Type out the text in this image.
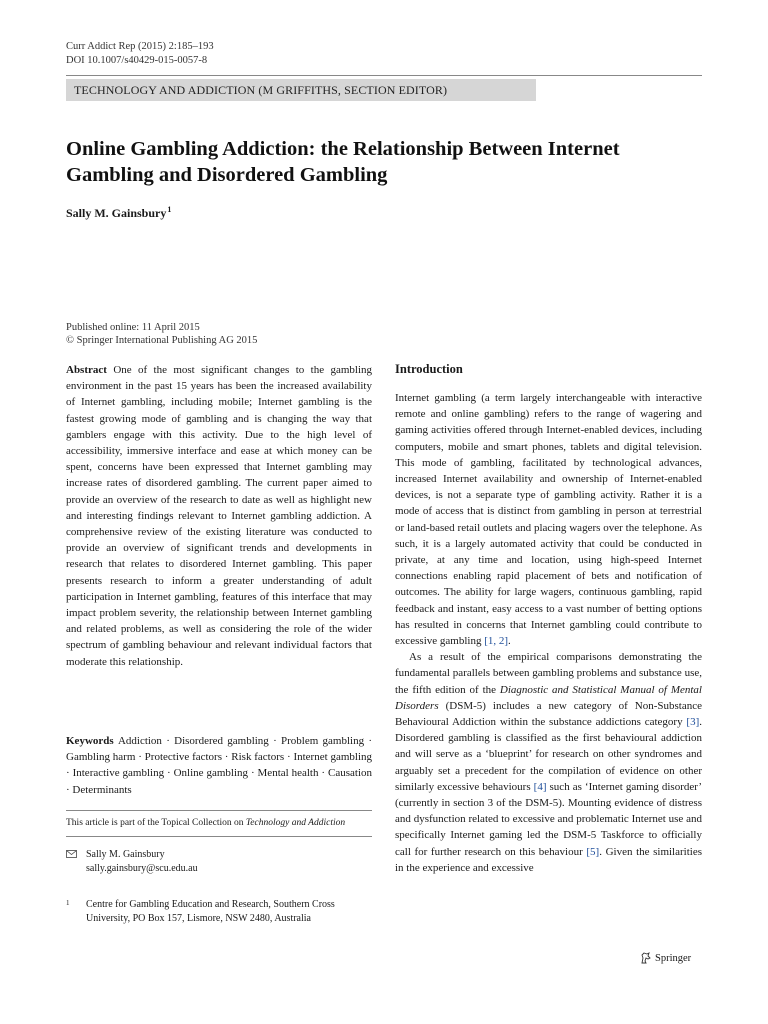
Curr Addict Rep (2015) 2:185–193
DOI 10.1007/s40429-015-0057-8
TECHNOLOGY AND ADDICTION (M GRIFFITHS, SECTION EDITOR)
Online Gambling Addiction: the Relationship Between Internet Gambling and Disordered Gambling
Sally M. Gainsbury$^1$
Published online: 11 April 2015
© Springer International Publishing AG 2015
Abstract One of the most significant changes to the gambling environment in the past 15 years has been the increased availability of Internet gambling, including mobile; Internet gambling is the fastest growing mode of gambling and is changing the way that gamblers engage with this activity. Due to the high level of accessibility, immersive interface and ease at which money can be spent, concerns have been expressed that Internet gambling may increase rates of disordered gambling. The current paper aimed to provide an overview of the research to date as well as highlight new and interesting findings relevant to Internet gambling addiction. A comprehensive review of the existing literature was conducted to provide an overview of significant trends and developments in research that relates to disordered Internet gambling. This paper presents research to inform a greater understanding of adult participation in Internet gambling, features of this interface that may impact problem severity, the relationship between Internet gambling and related problems, as well as considering the role of the wider spectrum of gambling behaviour and relevant individual factors that moderate this relationship.
Keywords Addiction · Disordered gambling · Problem gambling · Gambling harm · Protective factors · Risk factors · Internet gambling · Interactive gambling · Online gambling · Mental health · Causation · Determinants
This article is part of the Topical Collection on Technology and Addiction
Sally M. Gainsbury
sally.gainsbury@scu.edu.au
1 Centre for Gambling Education and Research, Southern Cross University, PO Box 157, Lismore, NSW 2480, Australia
Introduction

Internet gambling (a term largely interchangeable with interactive remote and online gambling) refers to the range of wagering and gaming activities offered through Internet-enabled devices, including computers, mobile and smart phones, tablets and digital television. This mode of gambling, facilitated by technological advances, increased Internet availability and ownership of Internet-enabled devices, is not a separate type of gambling activity. Rather it is a mode of access that is distinct from gambling in person at terrestrial or land-based retail outlets and placing wagers over the telephone. As such, it is a largely automated activity that could be conducted in private, at any time and location, using high-speed Internet connections enabling rapid placement of bets and notification of outcomes. The ability for large wagers, continuous gambling, rapid feedback and instant, easy access to a vast number of betting options has resulted in concerns that Internet gambling could contribute to excessive gambling [1, 2].

As a result of the empirical comparisons demonstrating the fundamental parallels between gambling problems and substance use, the fifth edition of the Diagnostic and Statistical Manual of Mental Disorders (DSM-5) includes a new category of Non-Substance Behavioural Addiction within the substance addictions category [3]. Disordered gambling is classified as the first behavioural addiction and will serve as a ‘blueprint’ for research on other syndromes and arguably set a precedent for the compilation of evidence on other similarly excessive behaviours [4] such as ‘Internet gaming disorder’ (currently in section 3 of the DSM-5). Mounting evidence of distress and dysfunction related to excessive and problematic Internet use and specifically Internet gaming led the DSM-5 Taskforce to officially call for further research on this behaviour [5]. Given the similarities in the experience and excessive

Springer
